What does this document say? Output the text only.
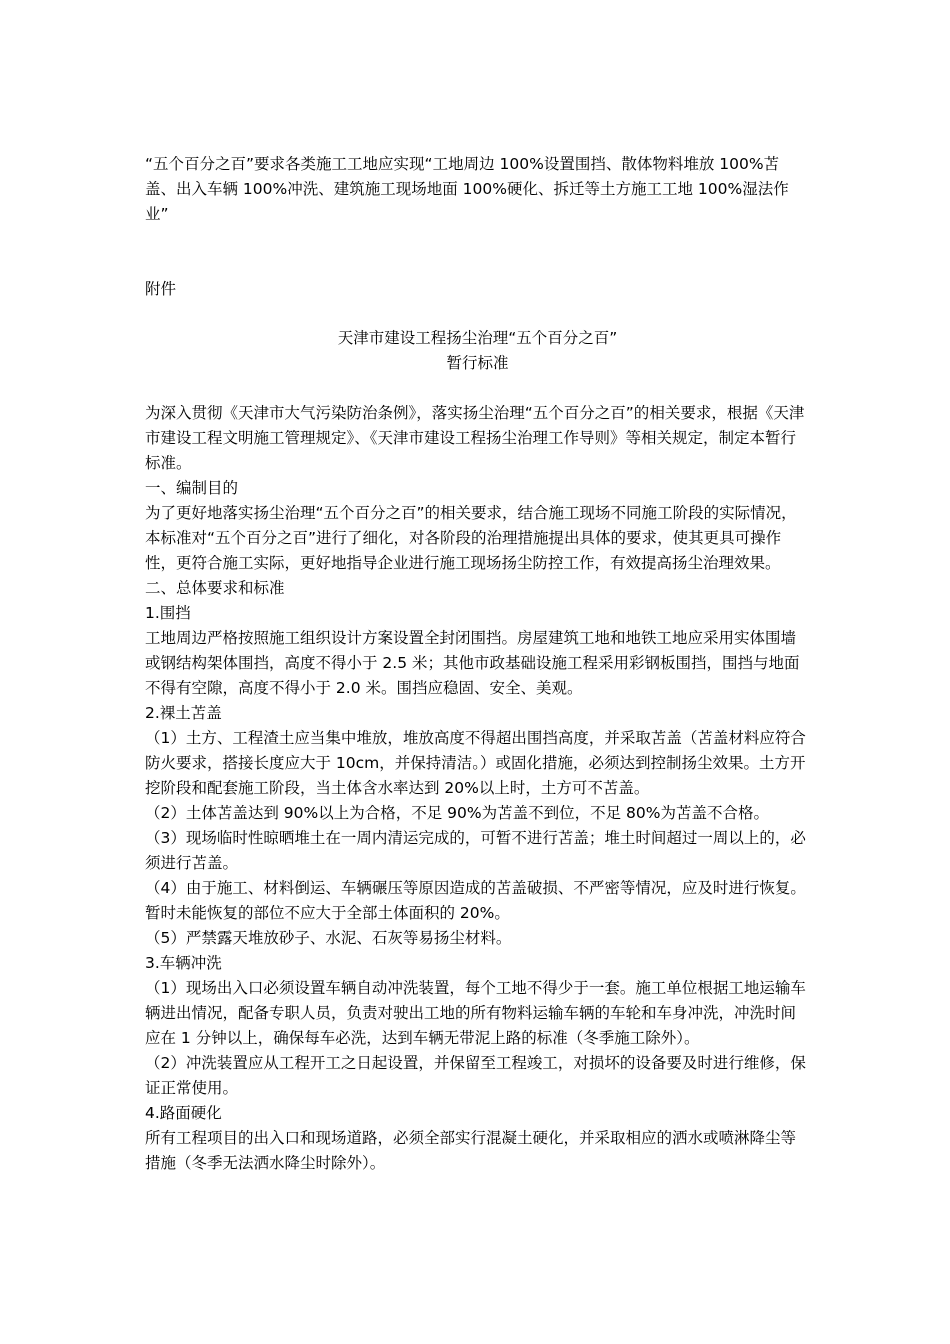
“五个百分之百”要求各类施工工地应实现“工地周边 100%设置围挡、散体物料堆放 100%苫盖、出入车辆 100%冲洗、建筑施工现场地面 100%硬化、拆迁等土方施工工地 100%湿法作业”
附件
天津市建设工程扬尘治理“五个百分之百”
暂行标准

为深入贯彻《天津市大气污染防治条例》，落实扬尘治理“五个百分之百”的相关要求，根据《天津市建设工程文明施工管理规定》、《天津市建设工程扬尘治理工作导则》等相关规定，制定本暂行标准。

一、编制目的

为了更好地落实扬尘治理“五个百分之百”的相关要求，结合施工现场不同施工阶段的实际情况，本标准对“五个百分之百”进行了细化，对各阶段的治理措施提出具体的要求，使其更具可操作性，更符合施工实际，更好地指导企业进行施工现场扬尘防控工作，有效提高扬尘治理效果。

二、总体要求和标准

1.围挡

工地周边严格按照施工组织设计方案设置全封闭围挡。房屋建筑工地和地铁工地应采用实体围墙或钢结构架体围挡，高度不得小于 2.5 米；其他市政基础设施工程采用彩钢板围挡，围挡与地面不得有空隙，高度不得小于 2.0 米。围挡应稳固、安全、美观。

2.裸土苫盖

（1）土方、工程渣土应当集中堆放，堆放高度不得超出围挡高度，并采取苫盖（苫盖材料应符合防火要求，搭接长度应大于 10cm，并保持清洁。）或固化措施，必须达到控制扬尘效果。土方开挖阶段和配套施工阶段，当土体含水率达到 20%以上时，土方可不苫盖。

（2）土体苫盖达到 90%以上为合格，不足 90%为苫盖不到位，不足 80%为苫盖不合格。

（3）现场临时性晾晒堆土在一周内清运完成的，可暂不进行苫盖；堆土时间超过一周以上的，必须进行苫盖。

（4）由于施工、材料倒运、车辆碾压等原因造成的苫盖破损、不严密等情况，应及时进行恢复。暂时未能恢复的部位不应大于全部土体面积的 20%。

（5）严禁露天堆放砂子、水泥、石灰等易扬尘材料。

3.车辆冲洗

（1）现场出入口必须设置车辆自动冲洗装置，每个工地不得少于一套。施工单位根据工地运输车辆进出情况，配备专职人员，负责对驶出工地的所有物料运输车辆的车轮和车身冲洗，冲洗时间应在 1 分钟以上，确保每车必洗，达到车辆无带泥上路的标准（冬季施工除外）。

（2）冲洗装置应从工程开工之日起设置，并保留至工程竣工，对损坏的设备要及时进行维修，保证正常使用。

4.路面硬化

所有工程项目的出入口和现场道路，必须全部实行混凝土硬化，并采取相应的洒水或喷淋降尘等措施（冬季无法洒水降尘时除外）。
